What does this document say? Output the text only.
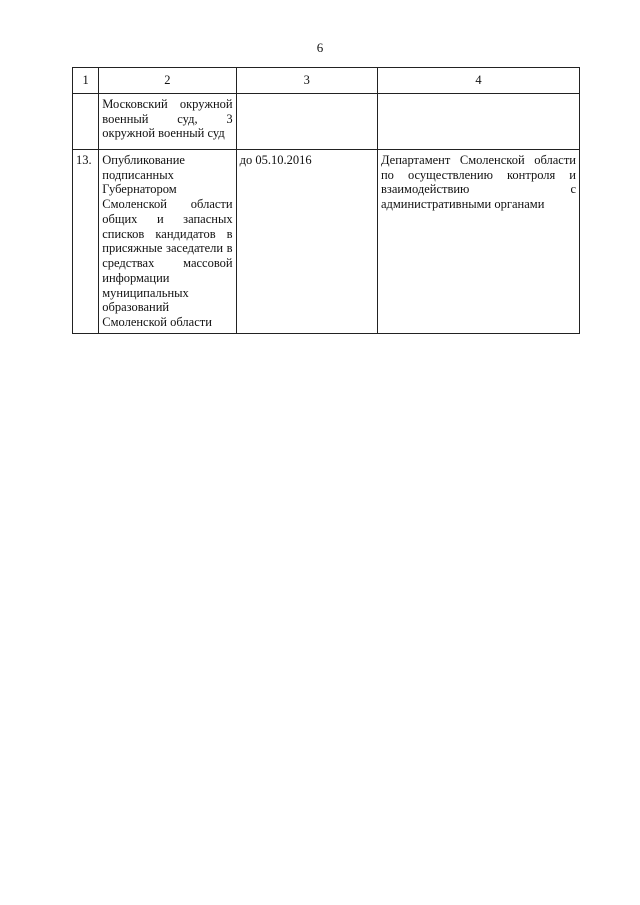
6
1	2	3	4
	Московский окружной военный суд, 3 окружной военный суд		
13.	Опубликование подписанных Губернатором Смоленской области общих и запасных списков кандидатов в присяжные заседатели в средствах массовой информации муниципальных образований Смоленской области	до 05.10.2016	Департамент Смоленской области по осуществлению контроля и взаимодействию с административными органами
